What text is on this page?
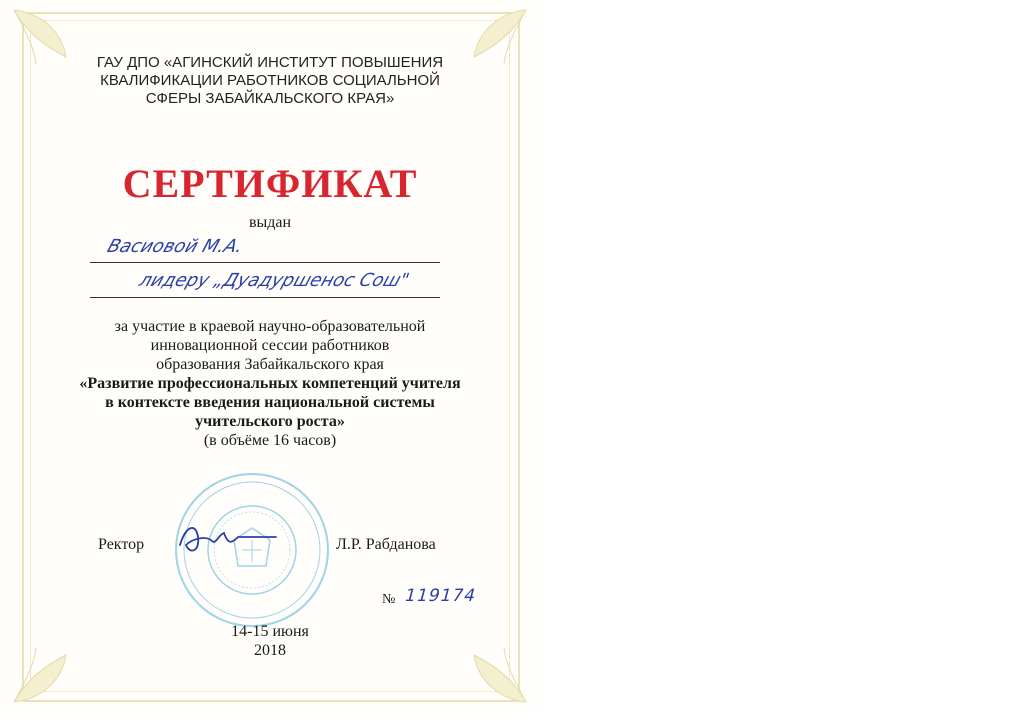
ГАУ ДПО «АГИНСКИЙ ИНСТИТУТ ПОВЫШЕНИЯ
КВАЛИФИКАЦИИ РАБОТНИКОВ СОЦИАЛЬНОЙ
СФЕРЫ ЗАБАЙКАЛЬСКОГО КРАЯ»
СЕРТИФИКАТ
выдан
Васиовой М.А.
лидеру „Дуадуршенос Сош"
за участие в краевой научно-образовательной
инновационной сессии работников
образования Забайкальского края
«Развитие профессиональных компетенций учителя
в контексте введения национальной системы
учительского роста»
(в объёме 16 часов)
Ректор	Л.Р. Рабданова
№ 119174
14-15 июня
2018
